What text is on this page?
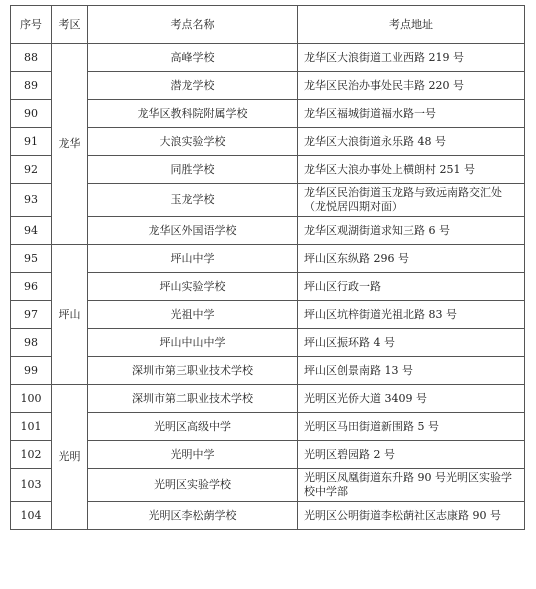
序号	考区	考点名称	考点地址
88	龙华	高峰学校	龙华区大浪街道工业西路 219 号
89		潜龙学校	龙华区民治办事处民丰路 220 号
90		龙华区教科院附属学校	龙华区福城街道福水路一号
91		大浪实验学校	龙华区大浪街道永乐路 48 号
92		同胜学校	龙华区大浪办事处上横朗村 251 号
93		玉龙学校	龙华区民治街道玉龙路与致远南路交汇处（龙悦居四期对面）
94		龙华区外国语学校	龙华区观湖街道求知三路 6 号
95	坪山	坪山中学	坪山区东纵路 296 号
96		坪山实验学校	坪山区行政一路
97		光祖中学	坪山区坑梓街道光祖北路 83 号
98		坪山中山中学	坪山区振环路 4 号
99		深圳市第三职业技术学校	坪山区创景南路 13 号
100	光明	深圳市第二职业技术学校	光明区光侨大道 3409 号
101		光明区高级中学	光明区马田街道新围路 5 号
102		光明中学	光明区碧园路 2 号
103		光明区实验学校	光明区凤凰街道东升路 90 号光明区实验学校中学部
104		光明区李松蓢学校	光明区公明街道李松蓢社区志康路 90 号
